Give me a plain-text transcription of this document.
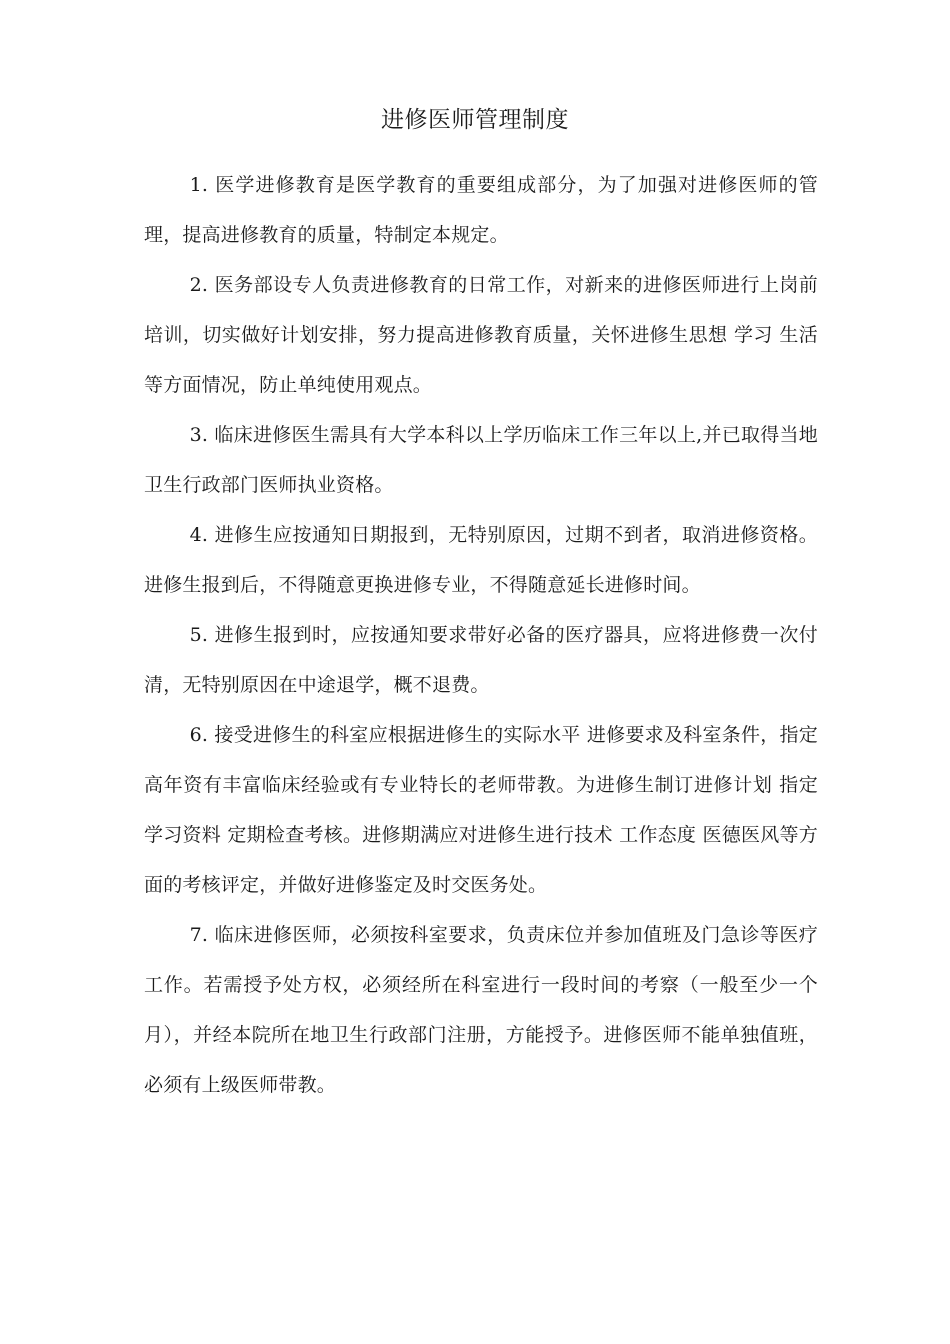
进修医师管理制度

1. 医学进修教育是医学教育的重要组成部分，为了加强对进修医师的管理，提高进修教育的质量，特制定本规定。

2. 医务部设专人负责进修教育的日常工作，对新来的进修医师进行上岗前培训，切实做好计划安排，努力提高进修教育质量，关怀进修生思想 学习 生活等方面情况，防止单纯使用观点。

3. 临床进修医生需具有大学本科以上学历临床工作三年以上,并已取得当地卫生行政部门医师执业资格。

4. 进修生应按通知日期报到，无特别原因，过期不到者，取消进修资格。进修生报到后，不得随意更换进修专业，不得随意延长进修时间。

5. 进修生报到时，应按通知要求带好必备的医疗器具，应将进修费一次付清，无特别原因在中途退学，概不退费。

6. 接受进修生的科室应根据进修生的实际水平 进修要求及科室条件，指定高年资有丰富临床经验或有专业特长的老师带教。为进修生制订进修计划 指定学习资料 定期检查考核。进修期满应对进修生进行技术 工作态度 医德医风等方面的考核评定，并做好进修鉴定及时交医务处。

7. 临床进修医师，必须按科室要求，负责床位并参加值班及门急诊等医疗工作。若需授予处方权，必须经所在科室进行一段时间的考察（一般至少一个月），并经本院所在地卫生行政部门注册，方能授予。进修医师不能单独值班，必须有上级医师带教。
